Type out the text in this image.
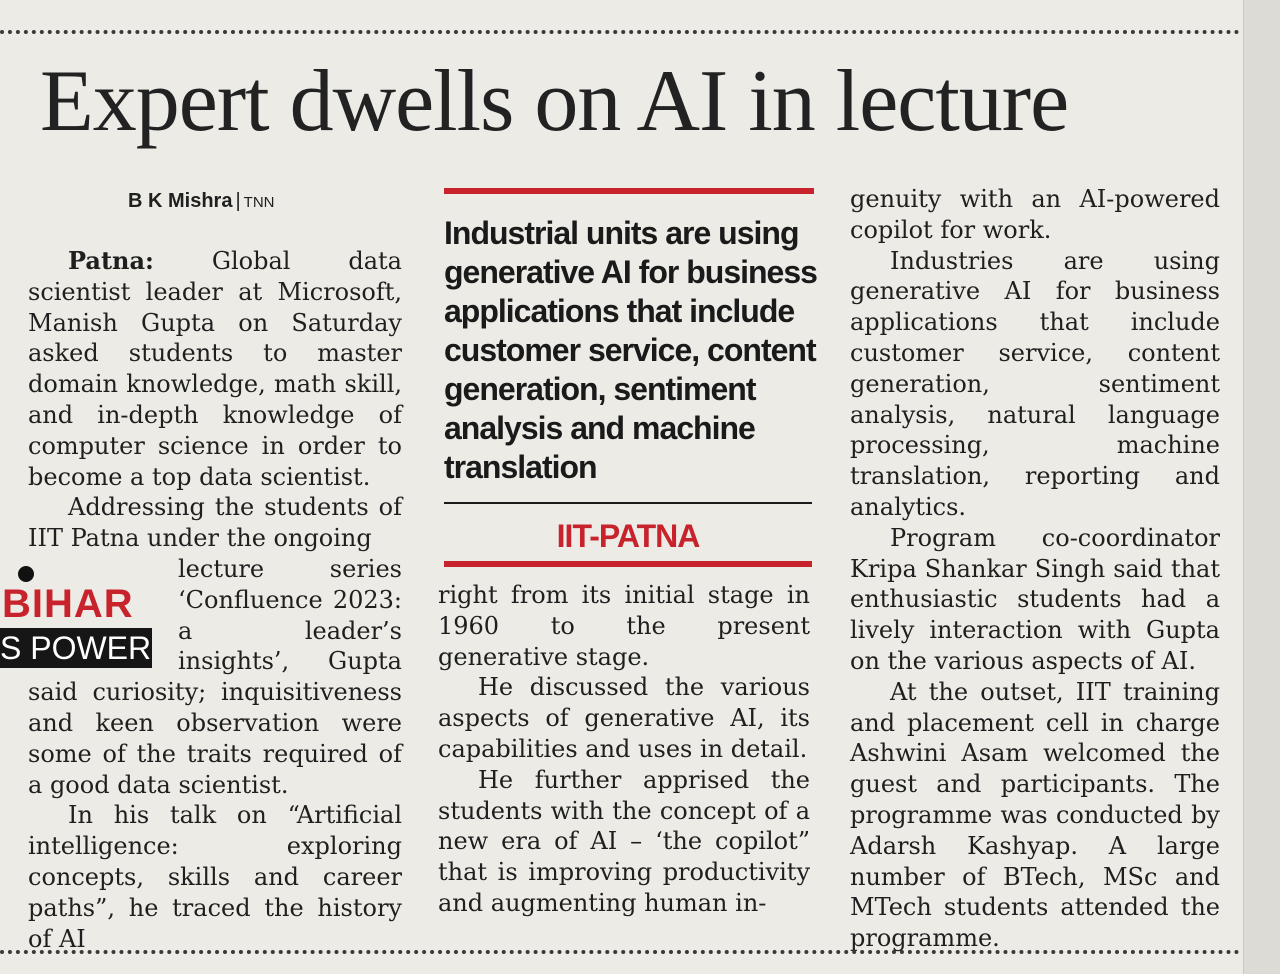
Expert dwells on AI in lecture
B K Mishra | TNN

Patna: Global data scientist leader at Microsoft, Manish Gupta on Saturday asked students to master domain knowledge, math skill, and in-depth knowledge of computer science in order to become a top data scientist.

Addressing the students of IIT Patna under the ongoing

lecture series ‘Confluence 2023: a leader’s insights’, Gupta said curiosity; inquisitiveness and keen observation were some of the traits required of a good data scientist.

In his talk on “Artificial intelligence: exploring concepts, skills and career paths”, he traced the history of AI

BIHAR
S POWER
Industrial units are using generative AI for business applications that include customer service, content generation, sentiment analysis and machine translation
IIT-PATNA

right from its initial stage in 1960 to the present generative stage.

He discussed the various aspects of generative AI, its capabilities and uses in detail.

He further apprised the students with the concept of a new era of AI – ‘the copilot” that is improving productivity and augmenting human in-

genuity with an AI-powered copilot for work.

Industries are using generative AI for business applications that include customer service, content generation, sentiment analysis, natural language processing, machine translation, reporting and analytics.

Program co-coordinator Kripa Shankar Singh said that enthusiastic students had a lively interaction with Gupta on the various aspects of AI.

At the outset, IIT training and placement cell in charge Ashwini Asam welcomed the guest and participants. The programme was conducted by Adarsh Kashyap. A large number of BTech, MSc and MTech students attended the programme.
